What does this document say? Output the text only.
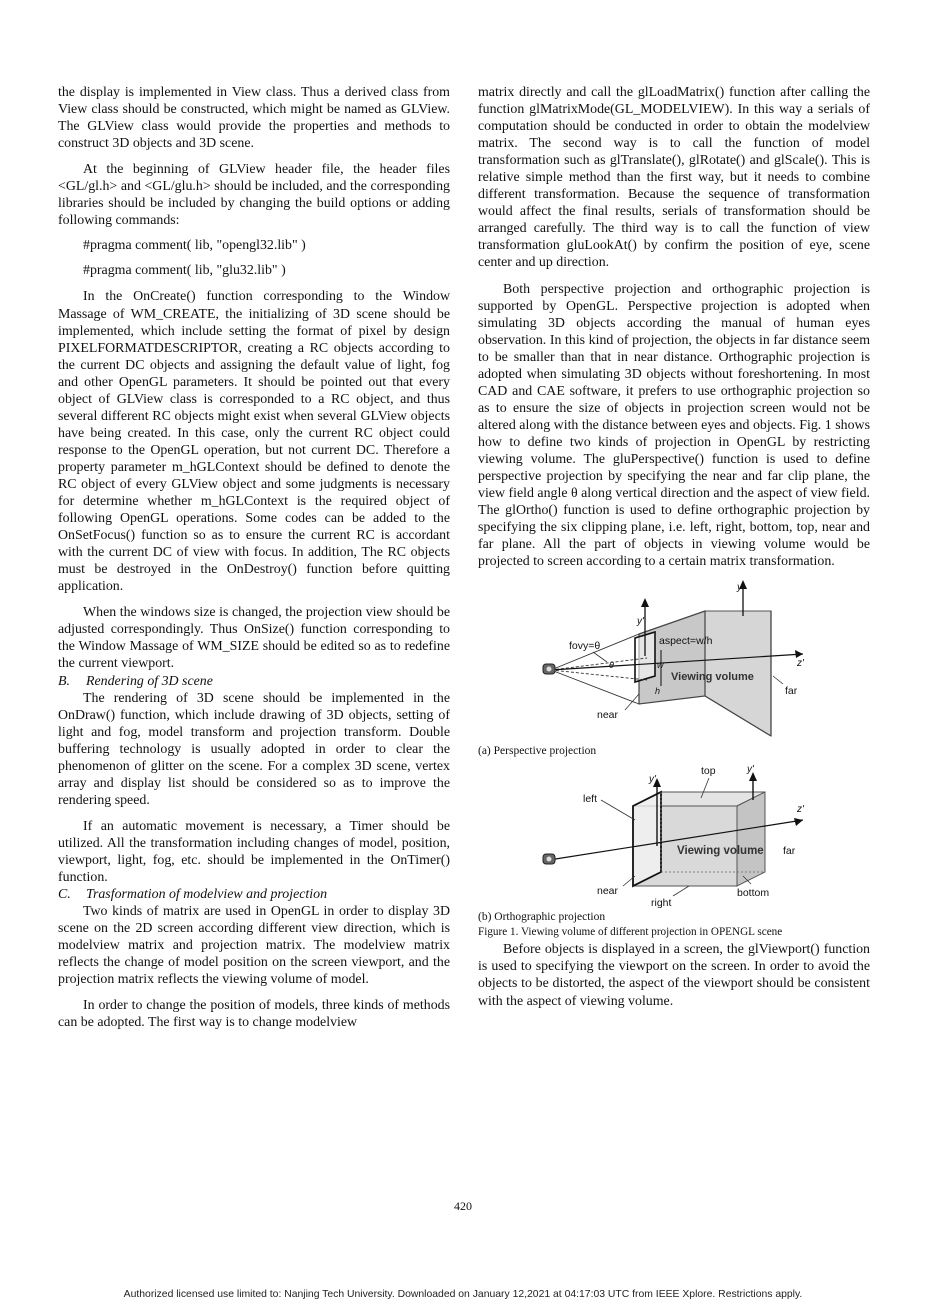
the display is implemented in View class. Thus a derived class from View class should be constructed, which might be named as GLView. The GLView class would provide the properties and methods to construct 3D objects and 3D scene.

At the beginning of GLView header file, the header files <GL/gl.h> and <GL/glu.h> should be included, and the corresponding libraries should be included by changing the build options or adding following commands:

#pragma comment( lib, "opengl32.lib" )

#pragma comment( lib, "glu32.lib" )

In the OnCreate() function corresponding to the Window Massage of WM_CREATE, the initializing of 3D scene should be implemented, which include setting the format of pixel by design PIXELFORMATDESCRIPTOR, creating a RC objects according to the current DC objects and assigning the default value of light, fog and other OpenGL parameters. It should be pointed out that every object of GLView class is corresponded to a RC object, and thus several different RC objects might exist when several GLView objects have being created. In this case, only the current RC object could response to the OpenGL operation, but not current DC. Therefore a property parameter m_hGLContext should be defined to denote the RC object of every GLView object and some judgments is necessary for determine whether m_hGLContext is the required object of following OpenGL operations. Some codes can be added to the OnSetFocus() function so as to ensure the current RC is accordant with the current DC of view with focus. In addition, The RC objects must be destroyed in the OnDestroy() function before quitting application.

When the windows size is changed, the projection view should be adjusted correspondingly. Thus OnSize() function corresponding to the Window Massage of WM_SIZE should be edited so as to redefine the current viewport.

B. Rendering of 3D scene

The rendering of 3D scene should be implemented in the OnDraw() function, which include drawing of 3D objects, setting of light and fog, model transform and projection transform. Double buffering technology is usually adopted in order to clear the phenomenon of glitter on the scene. For a complex 3D scene, vertex array and display list should be considered so as to improve the rendering speed.

If an automatic movement is necessary, a Timer should be utilized. All the transformation including changes of model, position, viewport, light, fog, etc. should be implemented in the OnTimer() function.

C. Trasformation of modelview and projection

Two kinds of matrix are used in OpenGL in order to display 3D scene on the 2D screen according different view direction, which is modelview matrix and projection matrix. The modelview matrix reflects the change of model position on the screen viewport, and the projection matrix reflects the viewing volume of model.

In order to change the position of models, three kinds of methods can be adopted. The first way is to change modelview

matrix directly and call the glLoadMatrix() function after calling the function glMatrixMode(GL_MODELVIEW). In this way a serials of computation should be conducted in order to obtain the modelview matrix. The second way is to call the function of model transformation such as glTranslate(), glRotate() and glScale(). This is relative simple method than the first way, but it needs to combine different transformation. Because the sequence of transformation would affect the final results, serials of transformation should be arranged carefully. The third way is to call the function of view transformation gluLookAt() by confirm the position of eye, scene center and up direction.

Both perspective projection and orthographic projection is supported by OpenGL. Perspective projection is adopted when simulating 3D objects according the manual of human eyes observation. In this kind of projection, the objects in far distance seem to be smaller than that in near distance. Orthographic projection is adopted when simulating 3D objects without foreshortening. In most CAD and CAE software, it prefers to use orthographic projection so as to ensure the size of objects in projection screen would not be altered along with the distance between eyes and objects. Fig. 1 shows how to define two kinds of projection in OpenGL by restricting viewing volume. The gluPerspective() function is used to define perspective projection by specifying the near and far clip plane, the view field angle θ along vertical direction and the aspect of view field. The glOrtho() function is used to define orthographic projection by specifying the six clipping plane, i.e. left, right, bottom, top, near and far plane. All the part of objects in viewing volume would be projected to screen according to a certain matrix transformation.

fovy=θ	aspect=w/h
Viewing volume
near
far
y'
y'
z'
w
h
θ

(a) Perspective projection

top
left
near
right
bottom
far
Viewing volume
y'
y'
z'

(b) Orthographic projection

Figure 1. Viewing volume of different projection in OPENGL scene

Before objects is displayed in a screen, the glViewport() function is used to specifying the viewport on the screen. In order to avoid the objects to be distorted, the aspect of the viewport should be consistent with the aspect of viewing volume.

420
Authorized licensed use limited to: Nanjing Tech University. Downloaded on January 12,2021 at 04:17:03 UTC from IEEE Xplore. Restrictions apply.
